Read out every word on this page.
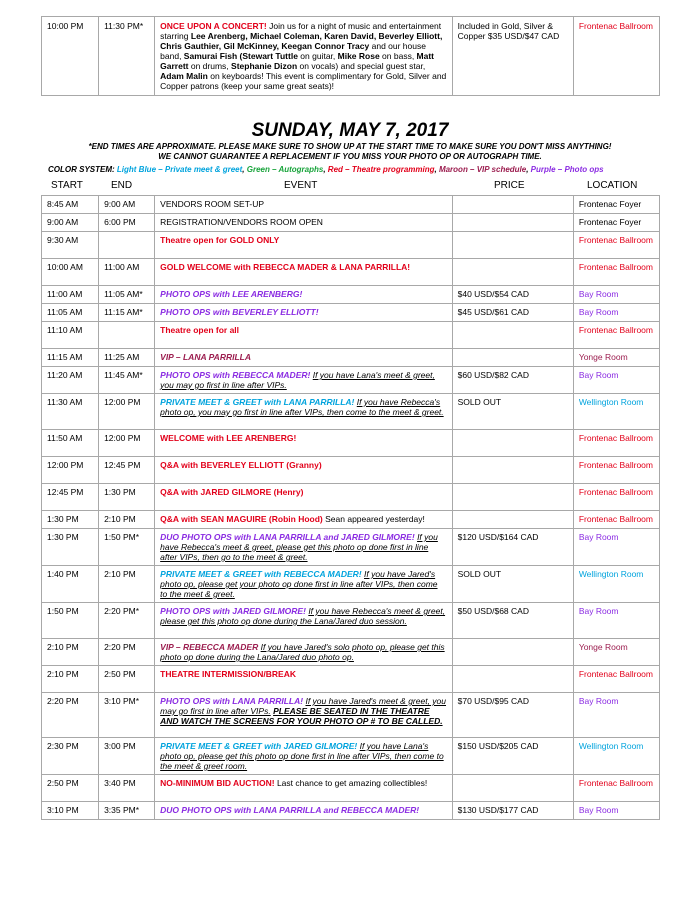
10:00 PM	11:30 PM*	ONCE UPON A CONCERT! Join us for a night of music and entertainment starring Lee Arenberg, Michael Coleman, Karen David, Beverley Elliott, Chris Gauthier, Gil McKinney, Keegan Connor Tracy and our house band, Samurai Fish (Stewart Tuttle on guitar, Mike Rose on bass, Matt Garrett on drums, Stephanie Dizon on vocals) and special guest star, Adam Malin on keyboards! This event is complimentary for Gold, Silver and Copper patrons (keep your same great seats)!	Included in Gold, Silver & Copper $35 USD/$47 CAD	Frontenac Ballroom
SUNDAY, MAY 7, 2017
*END TIMES ARE APPROXIMATE. PLEASE MAKE SURE TO SHOW UP AT THE START TIME TO MAKE SURE YOU DON'T MISS ANYTHING!
WE CANNOT GUARANTEE A REPLACEMENT IF YOU MISS YOUR PHOTO OP OR AUTOGRAPH TIME.
COLOR SYSTEM: Light Blue – Private meet & greet, Green – Autographs, Red – Theatre programming, Maroon – VIP schedule, Purple – Photo ops
START	END	EVENT	PRICE	LOCATION
8:45 AM	9:00 AM	VENDORS ROOM SET-UP		Frontenac Foyer
9:00 AM	6:00 PM	REGISTRATION/VENDORS ROOM OPEN		Frontenac Foyer
9:30 AM		Theatre open for GOLD ONLY		Frontenac Ballroom
10:00 AM	11:00 AM	GOLD WELCOME with REBECCA MADER & LANA PARRILLA!		Frontenac Ballroom
11:00 AM	11:05 AM*	PHOTO OPS with LEE ARENBERG!	$40 USD/$54 CAD	Bay Room
11:05 AM	11:15 AM*	PHOTO OPS with BEVERLEY ELLIOTT!	$45 USD/$61 CAD	Bay Room
11:10 AM		Theatre open for all		Frontenac Ballroom
11:15 AM	11:25 AM	VIP – LANA PARRILLA		Yonge Room
11:20 AM	11:45 AM*	PHOTO OPS with REBECCA MADER! If you have Lana's meet & greet, you may go first in line after VIPs.	$60 USD/$82 CAD	Bay Room
11:30 AM	12:00 PM	PRIVATE MEET & GREET with LANA PARRILLA! If you have Rebecca's photo op, you may go first in line after VIPs, then come to the meet & greet.	SOLD OUT	Wellington Room
11:50 AM	12:00 PM	WELCOME with LEE ARENBERG!		Frontenac Ballroom
12:00 PM	12:45 PM	Q&A with BEVERLEY ELLIOTT (Granny)		Frontenac Ballroom
12:45 PM	1:30 PM	Q&A with JARED GILMORE (Henry)		Frontenac Ballroom
1:30 PM	2:10 PM	Q&A with SEAN MAGUIRE (Robin Hood) Sean appeared yesterday!		Frontenac Ballroom
1:30 PM	1:50 PM*	DUO PHOTO OPS with LANA PARRILLA and JARED GILMORE! If you have Rebecca's meet & greet, please get this photo op done first in line after VIPs, then go to the meet & greet.	$120 USD/$164 CAD	Bay Room
1:40 PM	2:10 PM	PRIVATE MEET & GREET with REBECCA MADER! If you have Jared's photo op, please get your photo op done first in line after VIPs, then come to the meet & greet.	SOLD OUT	Wellington Room
1:50 PM	2:20 PM*	PHOTO OPS with JARED GILMORE! If you have Rebecca's meet & greet, please get this photo op done during the Lana/Jared duo session.	$50 USD/$68 CAD	Bay Room
2:10 PM	2:20 PM	VIP – REBECCA MADER If you have Jared's solo photo op, please get this photo op done during the Lana/Jared duo photo op.		Yonge Room
2:10 PM	2:50 PM	THEATRE INTERMISSION/BREAK		Frontenac Ballroom
2:20 PM	3:10 PM*	PHOTO OPS with LANA PARRILLA! If you have Jared's meet & greet, you may go first in line after VIPs. PLEASE BE SEATED IN THE THEATRE AND WATCH THE SCREENS FOR YOUR PHOTO OP # TO BE CALLED.	$70 USD/$95 CAD	Bay Room
2:30 PM	3:00 PM	PRIVATE MEET & GREET with JARED GILMORE! If you have Lana's photo op, please get this photo op done first in line after VIPs, then come to the meet & greet room.	$150 USD/$205 CAD	Wellington Room
2:50 PM	3:40 PM	NO-MINIMUM BID AUCTION! Last chance to get amazing collectibles!		Frontenac Ballroom
3:10 PM	3:35 PM*	DUO PHOTO OPS with LANA PARRILLA and REBECCA MADER!	$130 USD/$177 CAD	Bay Room
